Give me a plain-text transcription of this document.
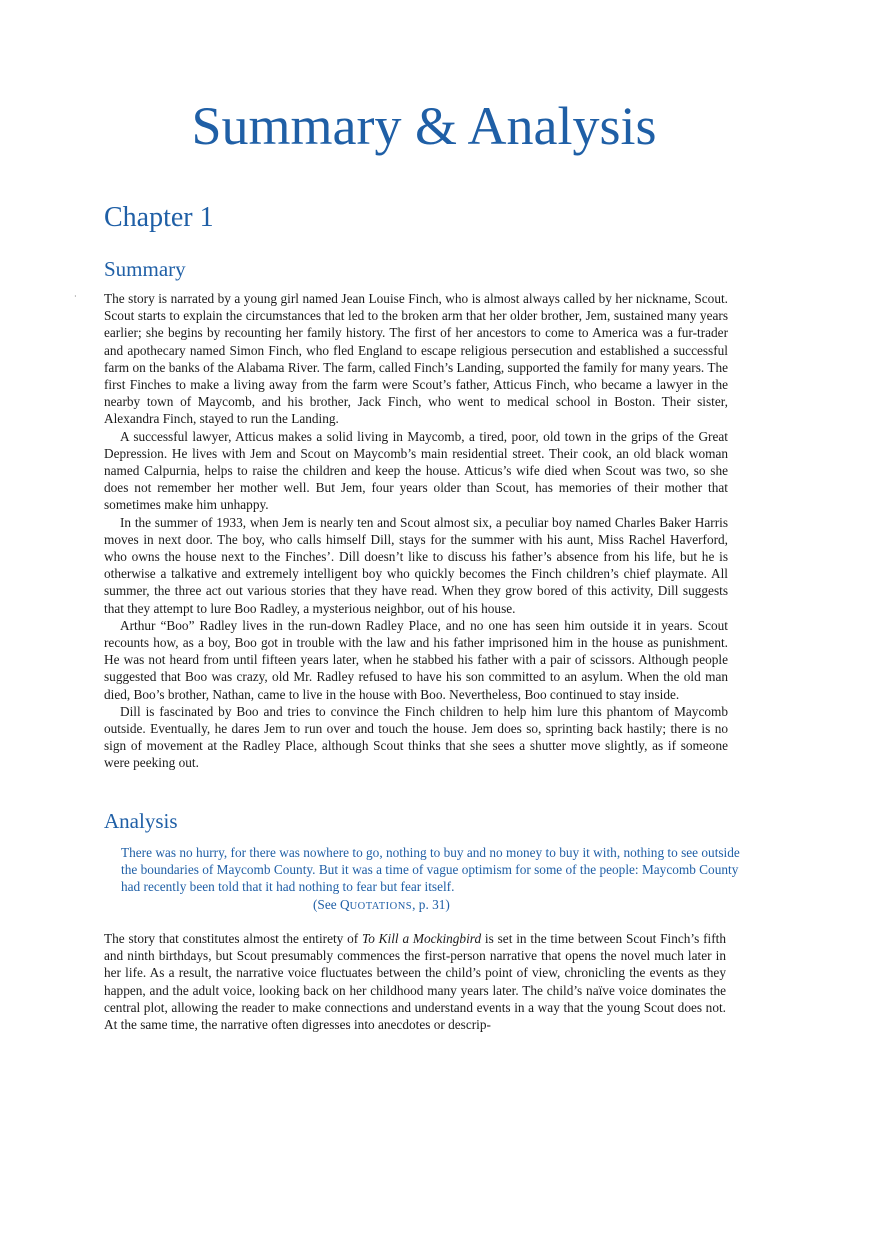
Summary & Analysis
Chapter 1
Summary
· The story is narrated by a young girl named Jean Louise Finch, who is almost always called by her nickname, Scout. Scout starts to explain the circumstances that led to the broken arm that her older brother, Jem, sustained many years earlier; she begins by recounting her family history. The first of her ancestors to come to America was a fur-trader and apothecary named Simon Finch, who fled England to escape religious persecution and established a successful farm on the banks of the Alabama River. The farm, called Finch’s Landing, supported the family for many years. The first Finches to make a living away from the farm were Scout’s father, Atticus Finch, who became a lawyer in the nearby town of Maycomb, and his brother, Jack Finch, who went to medical school in Boston. Their sister, Alexandra Finch, stayed to run the Landing.

A successful lawyer, Atticus makes a solid living in Maycomb, a tired, poor, old town in the grips of the Great Depression. He lives with Jem and Scout on Maycomb’s main residential street. Their cook, an old black woman named Calpurnia, helps to raise the children and keep the house. Atticus’s wife died when Scout was two, so she does not remember her mother well. But Jem, four years older than Scout, has memories of their mother that sometimes make him unhappy.

In the summer of 1933, when Jem is nearly ten and Scout almost six, a peculiar boy named Charles Baker Harris moves in next door. The boy, who calls himself Dill, stays for the summer with his aunt, Miss Rachel Haverford, who owns the house next to the Finches’. Dill doesn’t like to discuss his father’s absence from his life, but he is otherwise a talkative and extremely intelligent boy who quickly becomes the Finch children’s chief playmate. All summer, the three act out various stories that they have read. When they grow bored of this activity, Dill suggests that they attempt to lure Boo Radley, a mysterious neighbor, out of his house.

Arthur “Boo” Radley lives in the run-down Radley Place, and no one has seen him outside it in years. Scout recounts how, as a boy, Boo got in trouble with the law and his father imprisoned him in the house as punishment. He was not heard from until fifteen years later, when he stabbed his father with a pair of scissors. Although people suggested that Boo was crazy, old Mr. Radley refused to have his son committed to an asylum. When the old man died, Boo’s brother, Nathan, came to live in the house with Boo. Nevertheless, Boo continued to stay inside.

Dill is fascinated by Boo and tries to convince the Finch children to help him lure this phantom of Maycomb outside. Eventually, he dares Jem to run over and touch the house. Jem does so, sprinting back hastily; there is no sign of movement at the Radley Place, although Scout thinks that she sees a shutter move slightly, as if someone were peeking out.

Analysis

There was no hurry, for there was nowhere to go, nothing to buy and no money to buy it with, nothing to see outside the boundaries of Maycomb County. But it was a time of vague optimism for some of the people: Maycomb County had recently been told that it had nothing to fear but fear itself.

(See QUOTATIONS, p. 31)

The story that constitutes almost the entirety of To Kill a Mockingbird is set in the time between Scout Finch’s fifth and ninth birthdays, but Scout presumably commences the first-person narrative that opens the novel much later in her life. As a result, the narrative voice fluctuates between the child’s point of view, chronicling the events as they happen, and the adult voice, looking back on her childhood many years later. The child’s naïve voice dominates the central plot, allowing the reader to make connections and understand events in a way that the young Scout does not. At the same time, the narrative often digresses into anecdotes or descrip-
